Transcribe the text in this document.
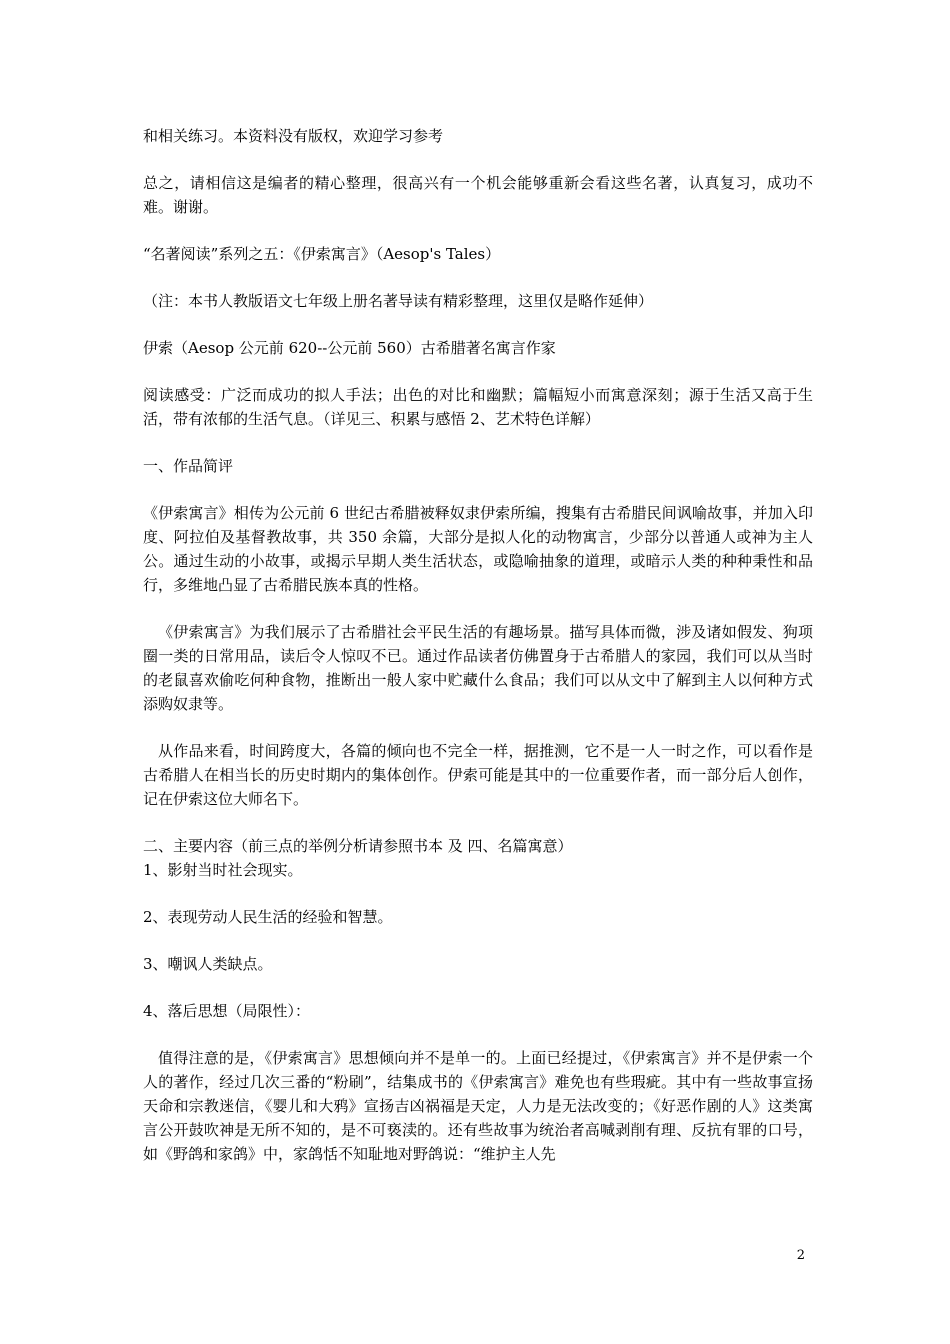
和相关练习。本资料没有版权，欢迎学习参考

总之，请相信这是编者的精心整理，很高兴有一个机会能够重新会看这些名著，认真复习，成功不难。谢谢。

“名著阅读”系列之五：《伊索寓言》（Aesop's Tales）

（注：本书人教版语文七年级上册名著导读有精彩整理，这里仅是略作延伸）

伊索（Aesop 公元前 620--公元前 560）古希腊著名寓言作家

阅读感受：广泛而成功的拟人手法；出色的对比和幽默；篇幅短小而寓意深刻；源于生活又高于生活，带有浓郁的生活气息。（详见三、积累与感悟 2、艺术特色详解）

一、作品简评

《伊索寓言》相传为公元前 6 世纪古希腊被释奴隶伊索所编，搜集有古希腊民间讽喻故事，并加入印度、阿拉伯及基督教故事，共 350 余篇，大部分是拟人化的动物寓言，少部分以普通人或神为主人公。通过生动的小故事，或揭示早期人类生活状态，或隐喻抽象的道理，或暗示人类的种种秉性和品行，多维地凸显了古希腊民族本真的性格。

《伊索寓言》为我们展示了古希腊社会平民生活的有趣场景。描写具体而微，涉及诸如假发、狗项圈一类的日常用品，读后令人惊叹不已。通过作品读者仿佛置身于古希腊人的家园，我们可以从当时的老鼠喜欢偷吃何种食物，推断出一般人家中贮藏什么食品；我们可以从文中了解到主人以何种方式添购奴隶等。

从作品来看，时间跨度大，各篇的倾向也不完全一样，据推测，它不是一人一时之作，可以看作是古希腊人在相当长的历史时期内的集体创作。伊索可能是其中的一位重要作者，而一部分后人创作，记在伊索这位大师名下。

二、主要内容（前三点的举例分析请参照书本 及 四、名篇寓意）

1、影射当时社会现实。

2、表现劳动人民生活的经验和智慧。

3、嘲讽人类缺点。

4、落后思想（局限性）：

值得注意的是，《伊索寓言》思想倾向并不是单一的。上面已经提过，《伊索寓言》并不是伊索一个人的著作，经过几次三番的“粉刷”，结集成书的《伊索寓言》难免也有些瑕疵。其中有一些故事宣扬天命和宗教迷信，《婴儿和大鸦》宣扬吉凶祸福是天定，人力是无法改变的；《好恶作剧的人》这类寓言公开鼓吹神是无所不知的，是不可亵渎的。还有些故事为统治者高喊剥削有理、反抗有罪的口号，如《野鸽和家鸽》中，家鸽恬不知耻地对野鸽说：“维护主人先

2
